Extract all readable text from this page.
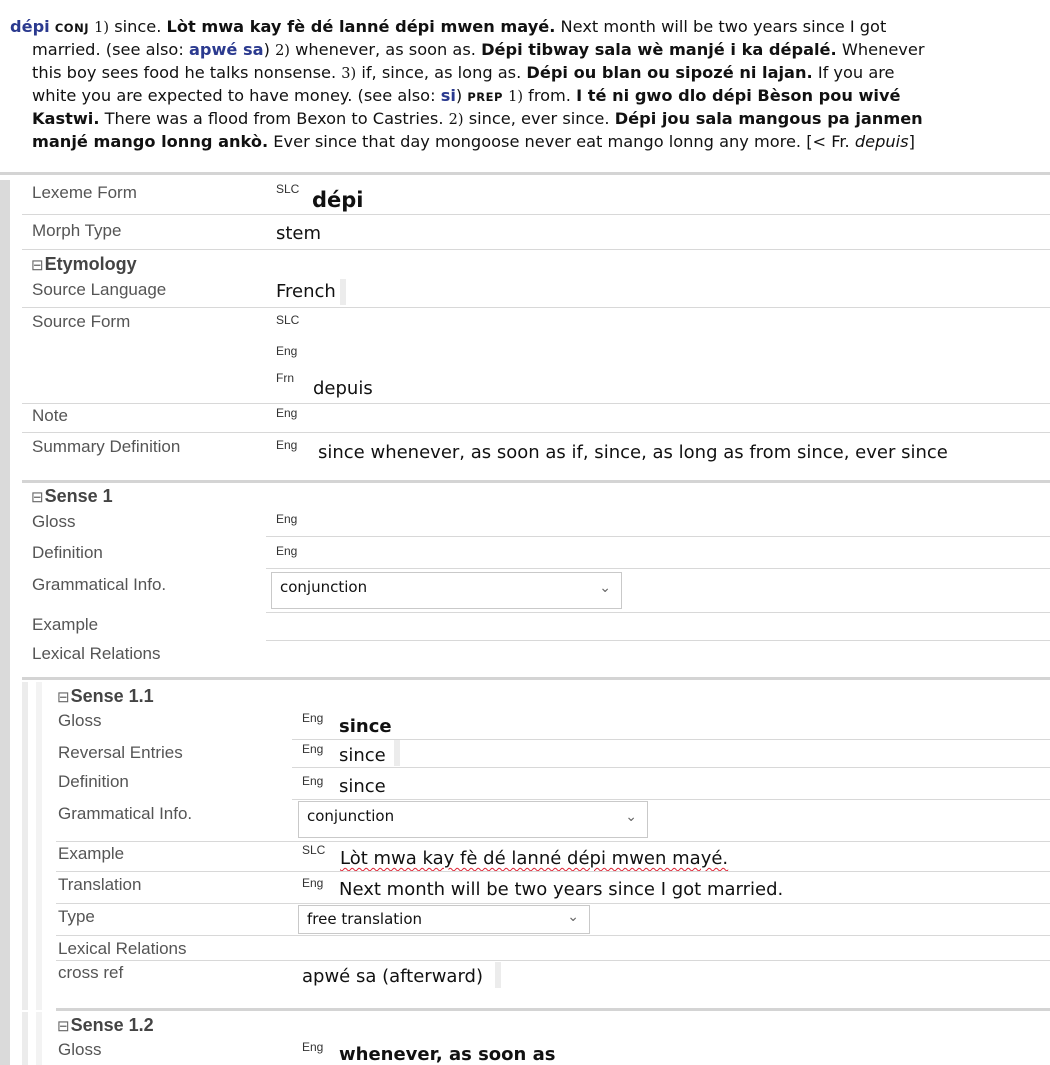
dépi CONJ 1) since. Lòt mwa kay fè dé lanné dépi mwen mayé. Next month will be two years since I got
married. (see also: apwé sa) 2) whenever, as soon as. Dépi tibway sala wè manjé i ka dépalé. Whenever
this boy sees food he talks nonsense. 3) if, since, as long as. Dépi ou blan ou sipozé ni lajan. If you are
white you are expected to have money. (see also: si) PREP 1) from. I té ni gwo dlo dépi Bèson pou wivé
Kastwi. There was a flood from Bexon to Castries. 2) since, ever since. Dépi jou sala mangous pa janmen
manjé mango lonng ankò. Ever since that day mongoose never eat mango lonng any more. [< Fr. depuis]
Lexeme Form	SLC dépi
Morph Type	stem
⊟Etymology
Source Language	French
Source Form	SLC
Eng
Frn depuis
Note	Eng
Summary Definition	Eng since whenever, as soon as if, since, as long as from since, ever since
⊟Sense 1
Gloss	Eng
Definition	Eng
Grammatical Info.	conjunction	⌄
Example
Lexical Relations
⊟Sense 1.1
Gloss	Eng since
Reversal Entries	Eng since
Definition	Eng since
Grammatical Info.	conjunction	⌄
Example	SLC Lòt mwa kay fè dé lanné dépi mwen mayé.
Translation	Eng Next month will be two years since I got married.
Type	free translation	⌄
Lexical Relations
cross ref	apwé sa (afterward)
⊟Sense 1.2
Gloss	Eng whenever, as soon as
